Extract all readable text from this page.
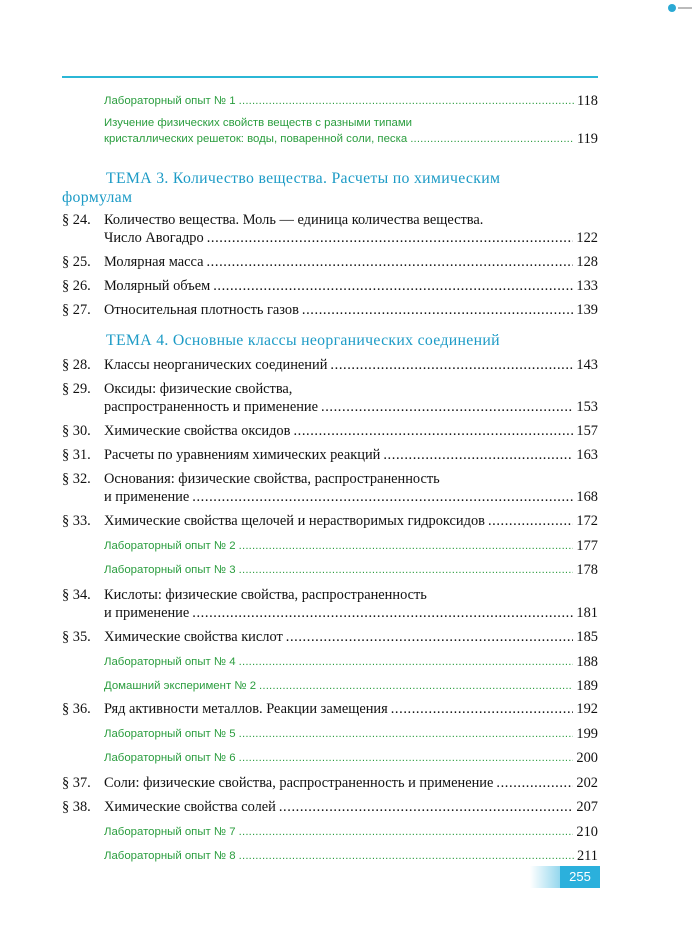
Лабораторный опыт № 1 . . .	118
Изучение физических свойств веществ с разными типами
кристаллических решеток: воды, поваренной соли, песка . . .	119
ТЕМА 3. Количество вещества. Расчеты по химическим
формулам
§ 24. Количество вещества. Моль — единица количества вещества.
Число Авогадро . . .	122
§ 25. Молярная масса . . .	128
§ 26. Молярный объем . . .	133
§ 27. Относительная плотность газов . . .	139
ТЕМА 4. Основные классы неорганических соединений
§ 28. Классы неорганических соединений . . .	143
§ 29. Оксиды: физические свойства,
распространенность и применение . . .	153
§ 30. Химические свойства оксидов . . .	157
§ 31. Расчеты по уравнениям химических реакций . . .	163
§ 32. Основания: физические свойства, распространенность
и применение . . .	168
§ 33. Химические свойства щелочей и нерастворимых гидроксидов . . .	172
Лабораторный опыт № 2 . . .	177
Лабораторный опыт № 3 . . .	178
§ 34. Кислоты: физические свойства, распространенность
и применение . . .	181
§ 35. Химические свойства кислот . . .	185
Лабораторный опыт № 4 . . .	188
Домашний эксперимент № 2 . . .	189
§ 36. Ряд активности металлов. Реакции замещения . . .	192
Лабораторный опыт № 5 . . .	199
Лабораторный опыт № 6 . . .	200
§ 37. Соли: физические свойства, распространенность и применение . . .	202
§ 38. Химические свойства солей . . .	207
Лабораторный опыт № 7 . . .	210
Лабораторный опыт № 8 . . .	211
255
